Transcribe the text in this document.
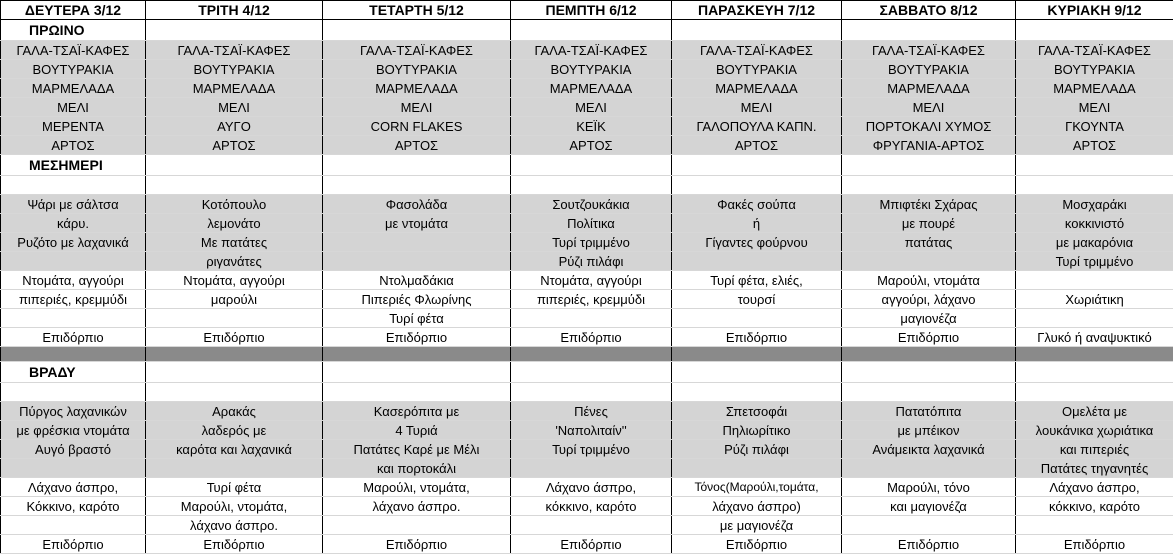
ΔΕΥΤΕΡΑ 3/12	ΤΡΙΤΗ 4/12	ΤΕΤΑΡΤΗ 5/12	ΠΕΜΠΤΗ 6/12	ΠΑΡΑΣΚΕΥΗ 7/12	ΣΑΒΒΑΤΟ 8/12	ΚΥΡΙΑΚΗ 9/12
ΠΡΩΙΝΟ						
ΓΑΛΑ-ΤΣΑΪ-ΚΑΦΕΣ	ΓΑΛΑ-ΤΣΑΪ-ΚΑΦΕΣ	ΓΑΛΑ-ΤΣΑΪ-ΚΑΦΕΣ	ΓΑΛΑ-ΤΣΑΪ-ΚΑΦΕΣ	ΓΑΛΑ-ΤΣΑΪ-ΚΑΦΕΣ	ΓΑΛΑ-ΤΣΑΪ-ΚΑΦΕΣ	ΓΑΛΑ-ΤΣΑΪ-ΚΑΦΕΣ
ΒΟΥΤΥΡΑΚΙΑ	ΒΟΥΤΥΡΑΚΙΑ	ΒΟΥΤΥΡΑΚΙΑ	ΒΟΥΤΥΡΑΚΙΑ	ΒΟΥΤΥΡΑΚΙΑ	ΒΟΥΤΥΡΑΚΙΑ	ΒΟΥΤΥΡΑΚΙΑ
ΜΑΡΜΕΛΑΔΑ	ΜΑΡΜΕΛΑΔΑ	ΜΑΡΜΕΛΑΔΑ	ΜΑΡΜΕΛΑΔΑ	ΜΑΡΜΕΛΑΔΑ	ΜΑΡΜΕΛΑΔΑ	ΜΑΡΜΕΛΑΔΑ
ΜΕΛΙ	ΜΕΛΙ	ΜΕΛΙ	ΜΕΛΙ	ΜΕΛΙ	ΜΕΛΙ	ΜΕΛΙ
ΜΕΡΕΝΤΑ	ΑΥΓΟ	CORN FLAKES	ΚΕΪΚ	ΓΑΛΟΠΟΥΛΑ ΚΑΠΝ.	ΠΟΡΤΟΚΑΛΙ ΧΥΜΟΣ	ΓΚΟΥΝΤΑ
ΑΡΤΟΣ	ΑΡΤΟΣ	ΑΡΤΟΣ	ΑΡΤΟΣ	ΑΡΤΟΣ	ΦΡΥΓΑΝΙΑ-ΑΡΤΟΣ	ΑΡΤΟΣ
ΜΕΣΗΜΕΡΙ						

Ψάρι με σάλτσα	Κοτόπουλο	Φασολάδα	Σουτζουκάκια	Φακές σούπα	Μπιφτέκι Σχάρας	Μοσχαράκι
κάρυ.	λεμονάτο	με ντομάτα	Πολίτικα	ή	με πουρέ	κοκκινιστό
Ρυζότο με λαχανικά	Με πατάτες		Τυρί τριμμένο	Γίγαντες φούρνου	πατάτας	με μακαρόνια
	ριγανάτες		Ρύζι πιλάφι			Τυρί τριμμένο
Ντομάτα, αγγούρι	Ντομάτα, αγγούρι	Ντολμαδάκια	Ντομάτα, αγγούρι	Τυρί φέτα, ελιές,	Μαρούλι, ντομάτα	
πιπεριές, κρεμμύδι	μαρούλι	Πιπεριές Φλωρίνης	πιπεριές, κρεμμύδι	τουρσί	αγγούρι, λάχανο	Χωριάτικη
		Τυρί φέτα			μαγιονέζα	
Επιδόρπιο	Επιδόρπιο	Επιδόρπιο	Επιδόρπιο	Επιδόρπιο	Επιδόρπιο	Γλυκό ή αναψυκτικό

ΒΡΑΔΥ						

Πύργος λαχανικών	Αρακάς	Κασερόπιτα με	Πένες	Σπετσοφάι	Πατατόπιτα	Ομελέτα με
με φρέσκια ντομάτα	λαδερός με	4 Τυριά	'Ναπολιταίν''	Πηλιωρίτικο	με μπέικον	λουκάνικα χωριάτικα
Αυγό βραστό	καρότα και λαχανικά	Πατάτες Καρέ με Μέλι	Τυρί τριμμένο	Ρύζι πιλάφι	Ανάμεικτα λαχανικά	και πιπεριές
		και πορτοκάλι				Πατάτες τηγανητές
Λάχανο άσπρο,	Τυρί φέτα	Μαρούλι, ντομάτα,	Λάχανο άσπρο,	Τόνος(Μαρούλι,τομάτα,	Μαρούλι, τόνο	Λάχανο άσπρο,
Κόκκινο, καρότο	Μαρούλι, ντομάτα,	λάχανο άσπρο.	κόκκινο, καρότο	λάχανο άσπρο)	και μαγιονέζα	κόκκινο, καρότο
	λάχανο άσπρο.			με μαγιονέζα		
Επιδόρπιο	Επιδόρπιο	Επιδόρπιο	Επιδόρπιο	Επιδόρπιο	Επιδόρπιο	Επιδόρπιο
